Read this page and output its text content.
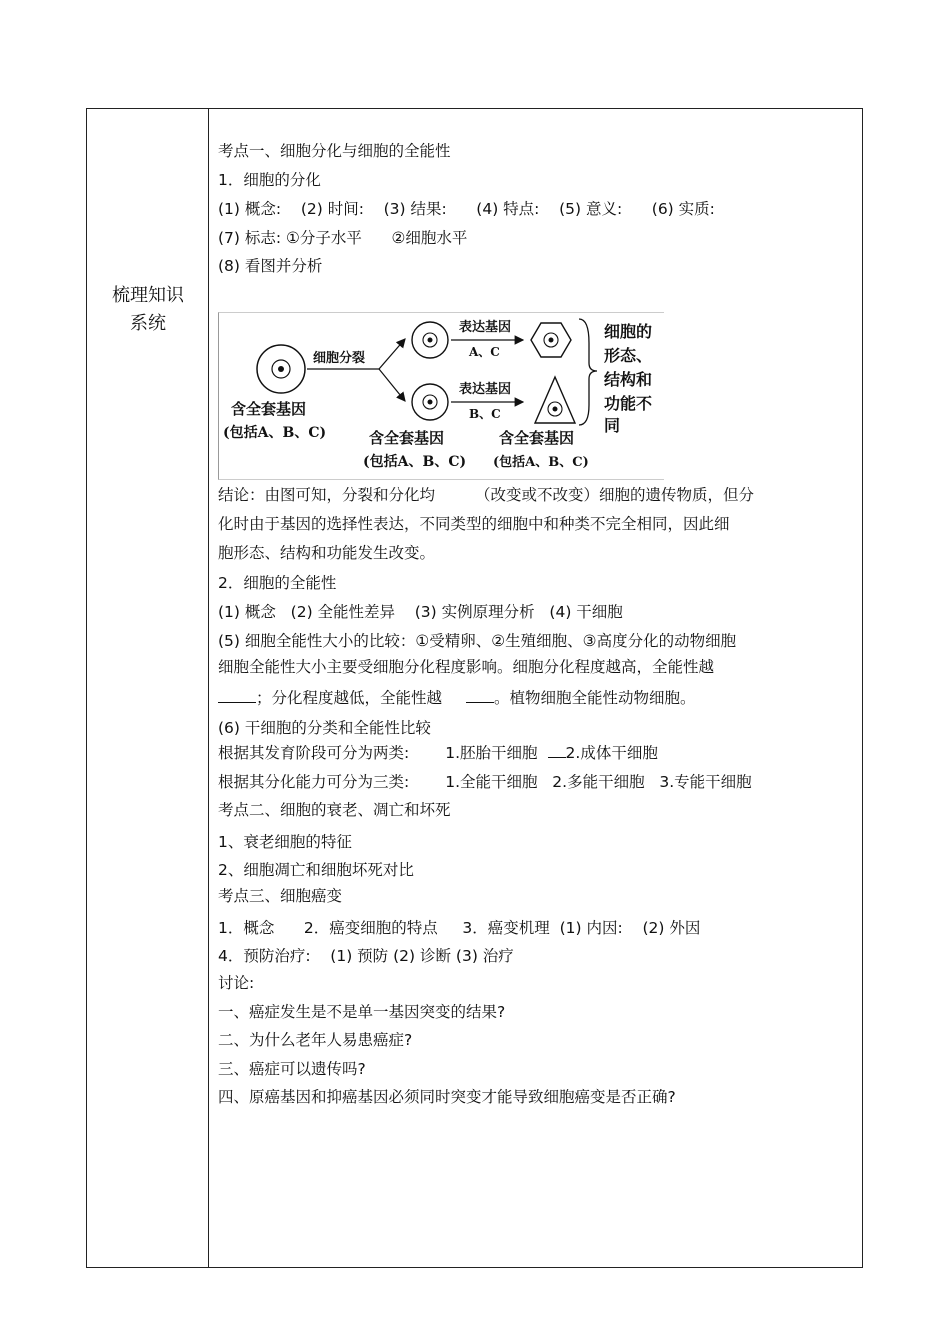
梳理知识
系统
考点一、细胞分化与细胞的全能性
1．细胞的分化
(1) 概念:    (2) 时间:    (3) 结果:      (4) 特点:    (5) 意义:      (6) 实质:
(7) 标志: ①分子水平      ②细胞水平
(8) 看图并分析
含全套基因
(包括A、B、C)
细胞分裂
表达基因
A、C
含全套基因
(包括A、B、C)
表达基因
B、C
含全套基因
(包括A、B、C)
细胞的
形态、
结构和
功能不
同
结论：由图可知，分裂和分化均	（改变或不改变）细胞的遗传物质，但分
化时由于基因的选择性表达，不同类型的细胞中和种类不完全相同，因此细
胞形态、结构和功能发生改变。
2．细胞的全能性
(1) 概念   (2) 全能性差异    (3) 实例原理分析   (4) 干细胞
(5) 细胞全能性大小的比较：①受精卵、②生殖细胞、③高度分化的动物细胞
细胞全能性大小主要受细胞分化程度影响。细胞分化程度越高，全能性越
；分化程度越低，全能性越	。植物细胞全能性动物细胞。
(6) 干细胞的分类和全能性比较
根据其发育阶段可分为两类: 1.胚胎干细胞 2.成体干细胞
根据其分化能力可分为三类: 1.全能干细胞   2.多能干细胞   3.专能干细胞
考点二、细胞的衰老、凋亡和坏死
1、衰老细胞的特征
2、细胞凋亡和细胞坏死对比
考点三、细胞癌变
1．概念      2．癌变细胞的特点     3．癌变机理  (1) 内因:    (2) 外因
4．预防治疗:    (1) 预防 (2) 诊断 (3) 治疗
讨论:
一、癌症发生是不是单一基因突变的结果?
二、为什么老年人易患癌症?
三、癌症可以遗传吗?
四、原癌基因和抑癌基因必须同时突变才能导致细胞癌变是否正确?
